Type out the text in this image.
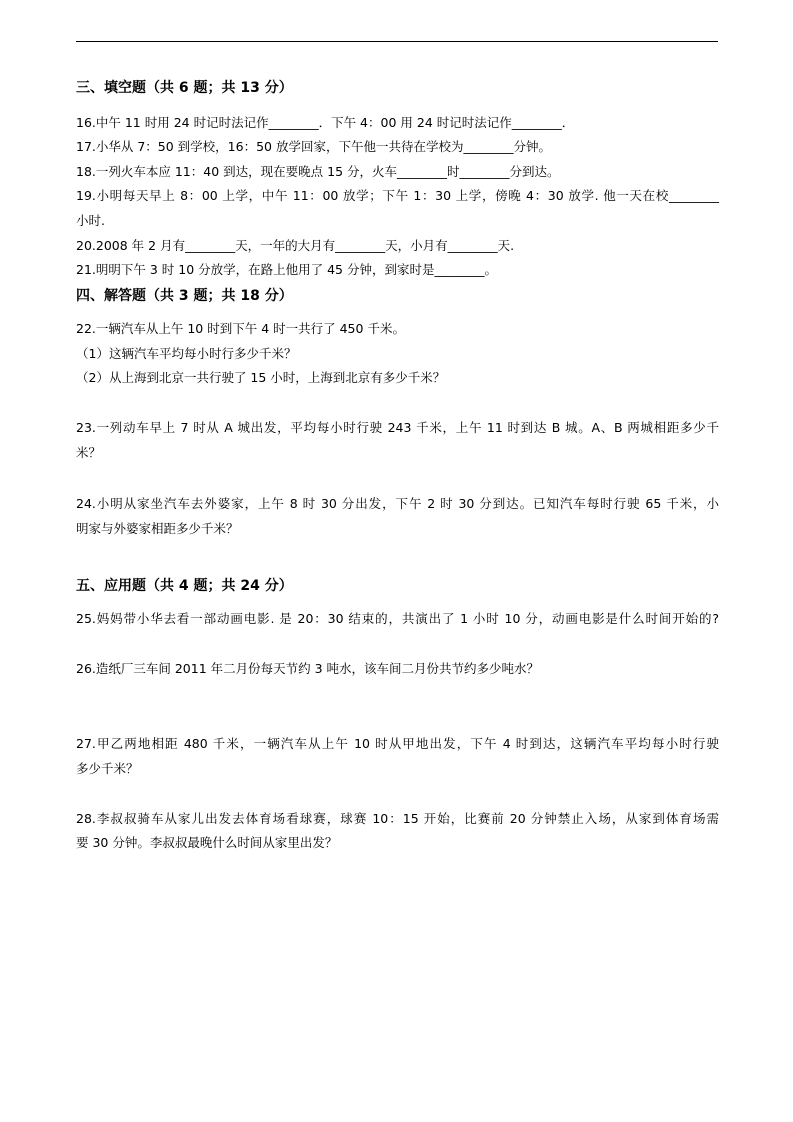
三、填空题（共 6 题；共 13 分）
16.中午 11 时用 24 时记时法记作________．下午 4：00 用 24 时记时法记作________．
17.小华从 7：50 到学校，16：50 放学回家，下午他一共待在学校为________分钟。
18.一列火车本应 11：40 到达，现在要晚点 15 分，火车________时________分到达。
19.小明每天早上 8：00 上学，中午 11：00 放学；下午 1：30 上学，傍晚 4：30 放学. 他一天在校________
小时.
20.2008 年 2 月有________天，一年的大月有________天，小月有________天.
21.明明下午 3 时 10 分放学，在路上他用了 45 分钟，到家时是________。
四、解答题（共 3 题；共 18 分）
22.一辆汽车从上午 10 时到下午 4 时一共行了 450 千米。
（1）这辆汽车平均每小时行多少千米？
（2）从上海到北京一共行驶了 15 小时，上海到北京有多少千米？
23.一列动车早上 7 时从 A 城出发，平均每小时行驶 243 千米，上午 11 时到达 B 城。A、B 两城相距多少千
米？
24.小明从家坐汽车去外婆家，上午 8 时 30 分出发，下午 2 时 30 分到达。已知汽车每时行驶 65 千米，小
明家与外婆家相距多少千米？
五、应用题（共 4 题；共 24 分）
25.妈妈带小华去看一部动画电影. 是 20：30 结束的，共演出了 1 小时 10 分，动画电影是什么时间开始的?
26.造纸厂三车间 2011 年二月份每天节约 3 吨水，该车间二月份共节约多少吨水？
27.甲乙两地相距 480 千米，一辆汽车从上午 10 时从甲地出发，下午 4 时到达，这辆汽车平均每小时行驶
多少千米？
28.李叔叔骑车从家儿出发去体育场看球赛，球赛 10：15 开始，比赛前 20 分钟禁止入场，从家到体育场需
要 30 分钟。李叔叔最晚什么时间从家里出发？
